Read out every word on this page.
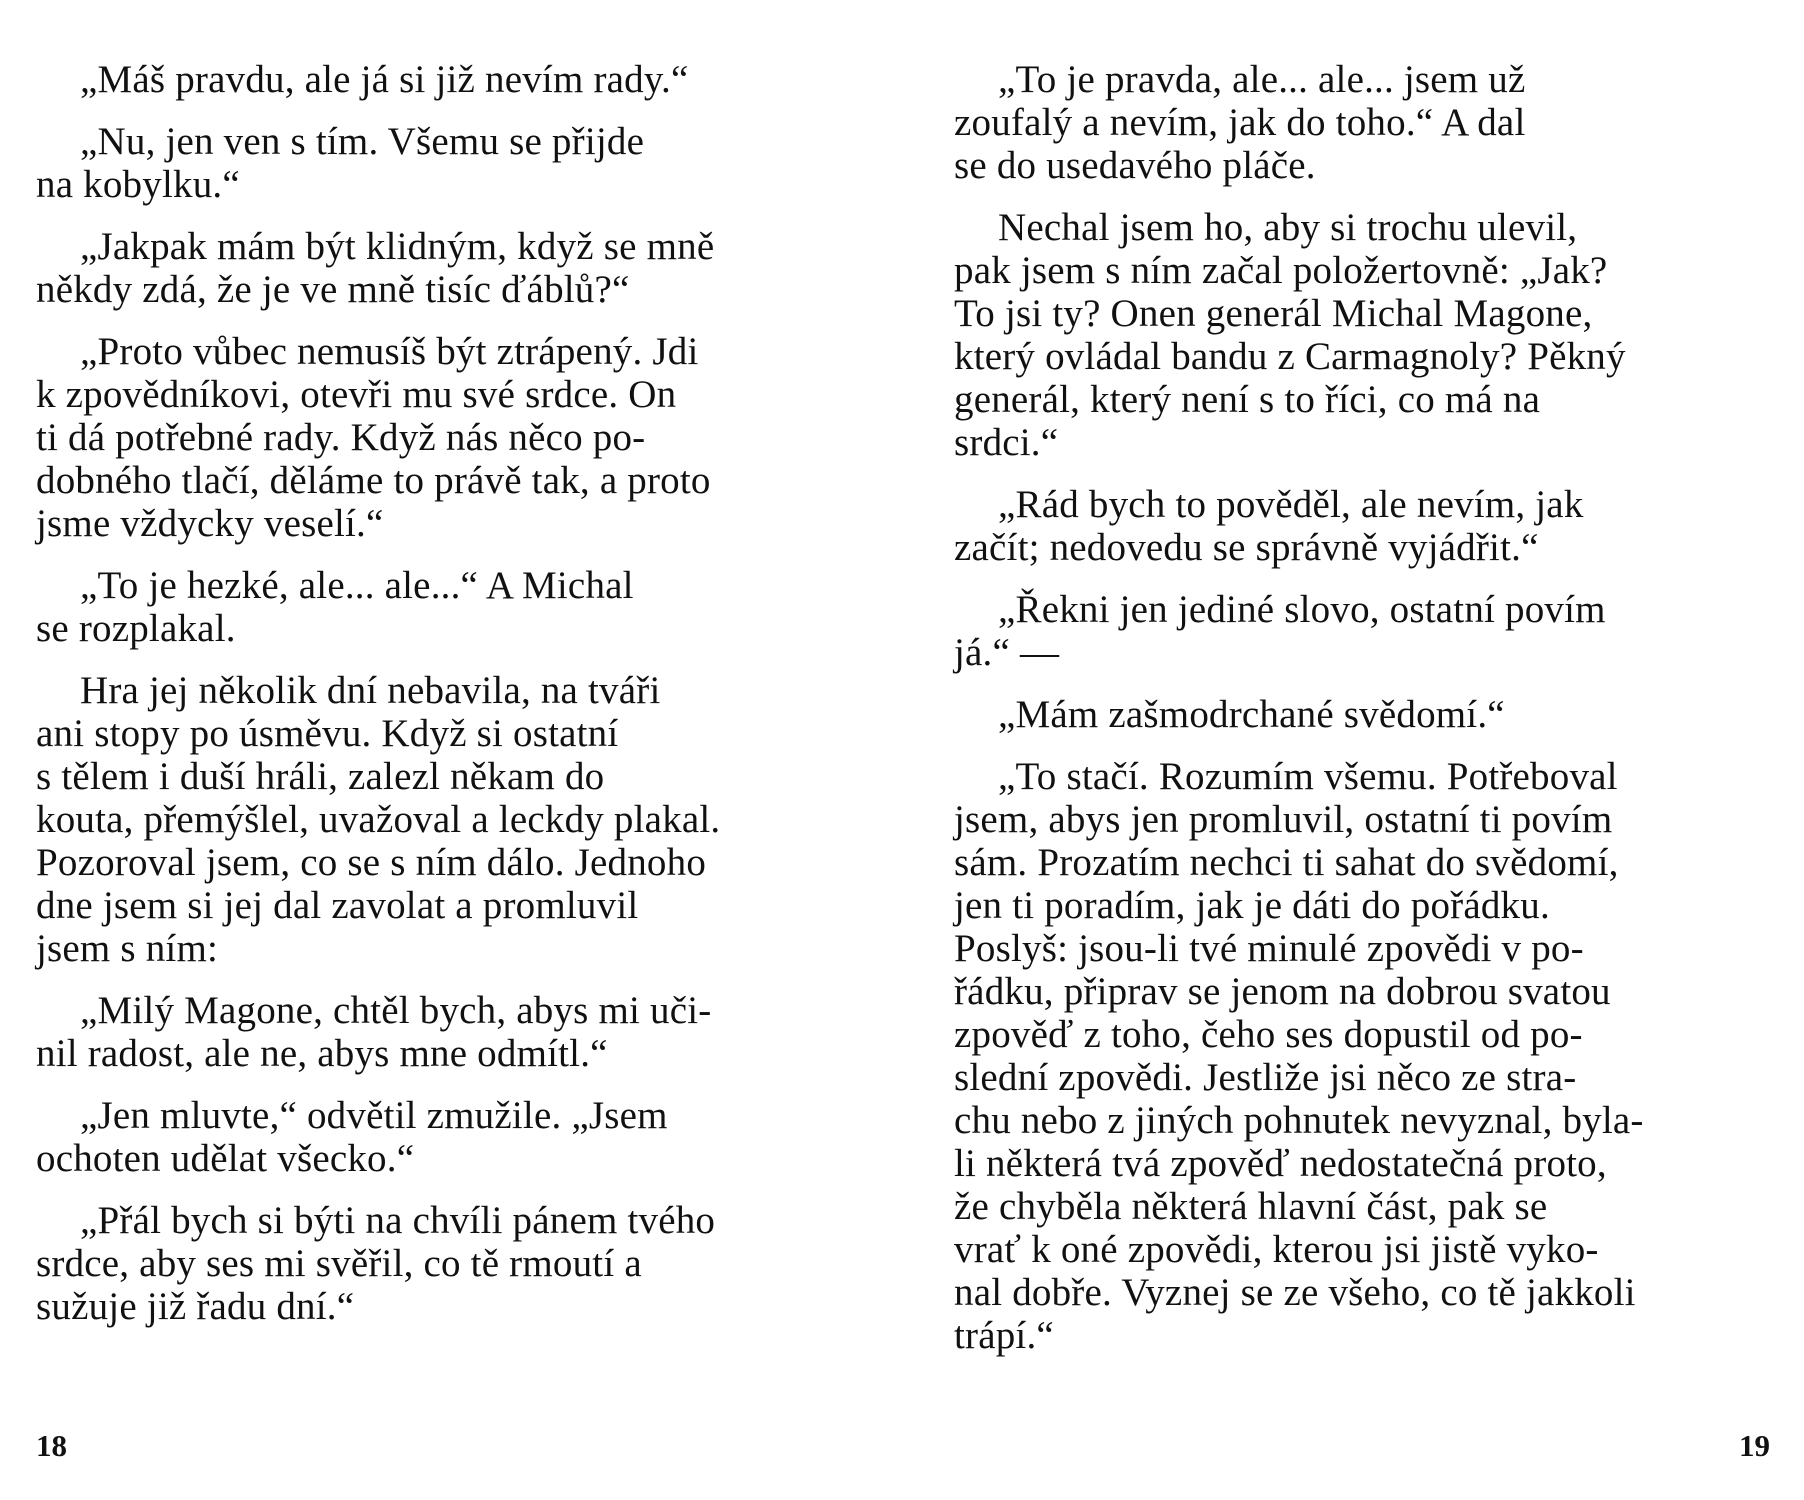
„Máš pravdu, ale já si již nevím rady.“

„Nu, jen ven s tím. Všemu se přijde
na kobylku.“

„Jakpak mám být klidným, když se mně
někdy zdá, že je ve mně tisíc ďáblů?“

„Proto vůbec nemusíš být ztrápený. Jdi
k zpovědníkovi, otevři mu své srdce. On
ti dá potřebné rady. Když nás něco po-
dobného tlačí, děláme to právě tak, a proto
jsme vždycky veselí.“

„To je hezké, ale... ale...“ A Michal
se rozplakal.

Hra jej několik dní nebavila, na tváři
ani stopy po úsměvu. Když si ostatní
s tělem i duší hráli, zalezl někam do
kouta, přemýšlel, uvažoval a leckdy plakal.
Pozoroval jsem, co se s ním dálo. Jednoho
dne jsem si jej dal zavolat a promluvil
jsem s ním:

„Milý Magone, chtěl bych, abys mi uči-
nil radost, ale ne, abys mne odmítl.“

„Jen mluvte,“ odvětil zmužile. „Jsem
ochoten udělat všecko.“

„Přál bych si býti na chvíli pánem tvého
srdce, aby ses mi svěřil, co tě rmoutí a
sužuje již řadu dní.“

18

„To je pravda, ale... ale... jsem už
zoufalý a nevím, jak do toho.“ A dal
se do usedavého pláče.

Nechal jsem ho, aby si trochu ulevil,
pak jsem s ním začal položertovně: „Jak?
To jsi ty? Onen generál Michal Magone,
který ovládal bandu z Carmagnoly? Pěkný
generál, který není s to říci, co má na
srdci.“

„Rád bych to pověděl, ale nevím, jak
začít; nedovedu se správně vyjádřit.“

„Řekni jen jediné slovo, ostatní povím
já.“ —

„Mám zašmodrchané svědomí.“

„To stačí. Rozumím všemu. Potřeboval
jsem, abys jen promluvil, ostatní ti povím
sám. Prozatím nechci ti sahat do svědomí,
jen ti poradím, jak je dáti do pořádku.
Poslyš: jsou-li tvé minulé zpovědi v po-
řádku, připrav se jenom na dobrou svatou
zpověď z toho, čeho ses dopustil od po-
slední zpovědi. Jestliže jsi něco ze stra-
chu nebo z jiných pohnutek nevyznal, byla-
li některá tvá zpověď nedostatečná proto,
že chyběla některá hlavní část, pak se
vrať k oné zpovědi, kterou jsi jistě vyko-
nal dobře. Vyznej se ze všeho, co tě jakkoli
trápí.“

19
